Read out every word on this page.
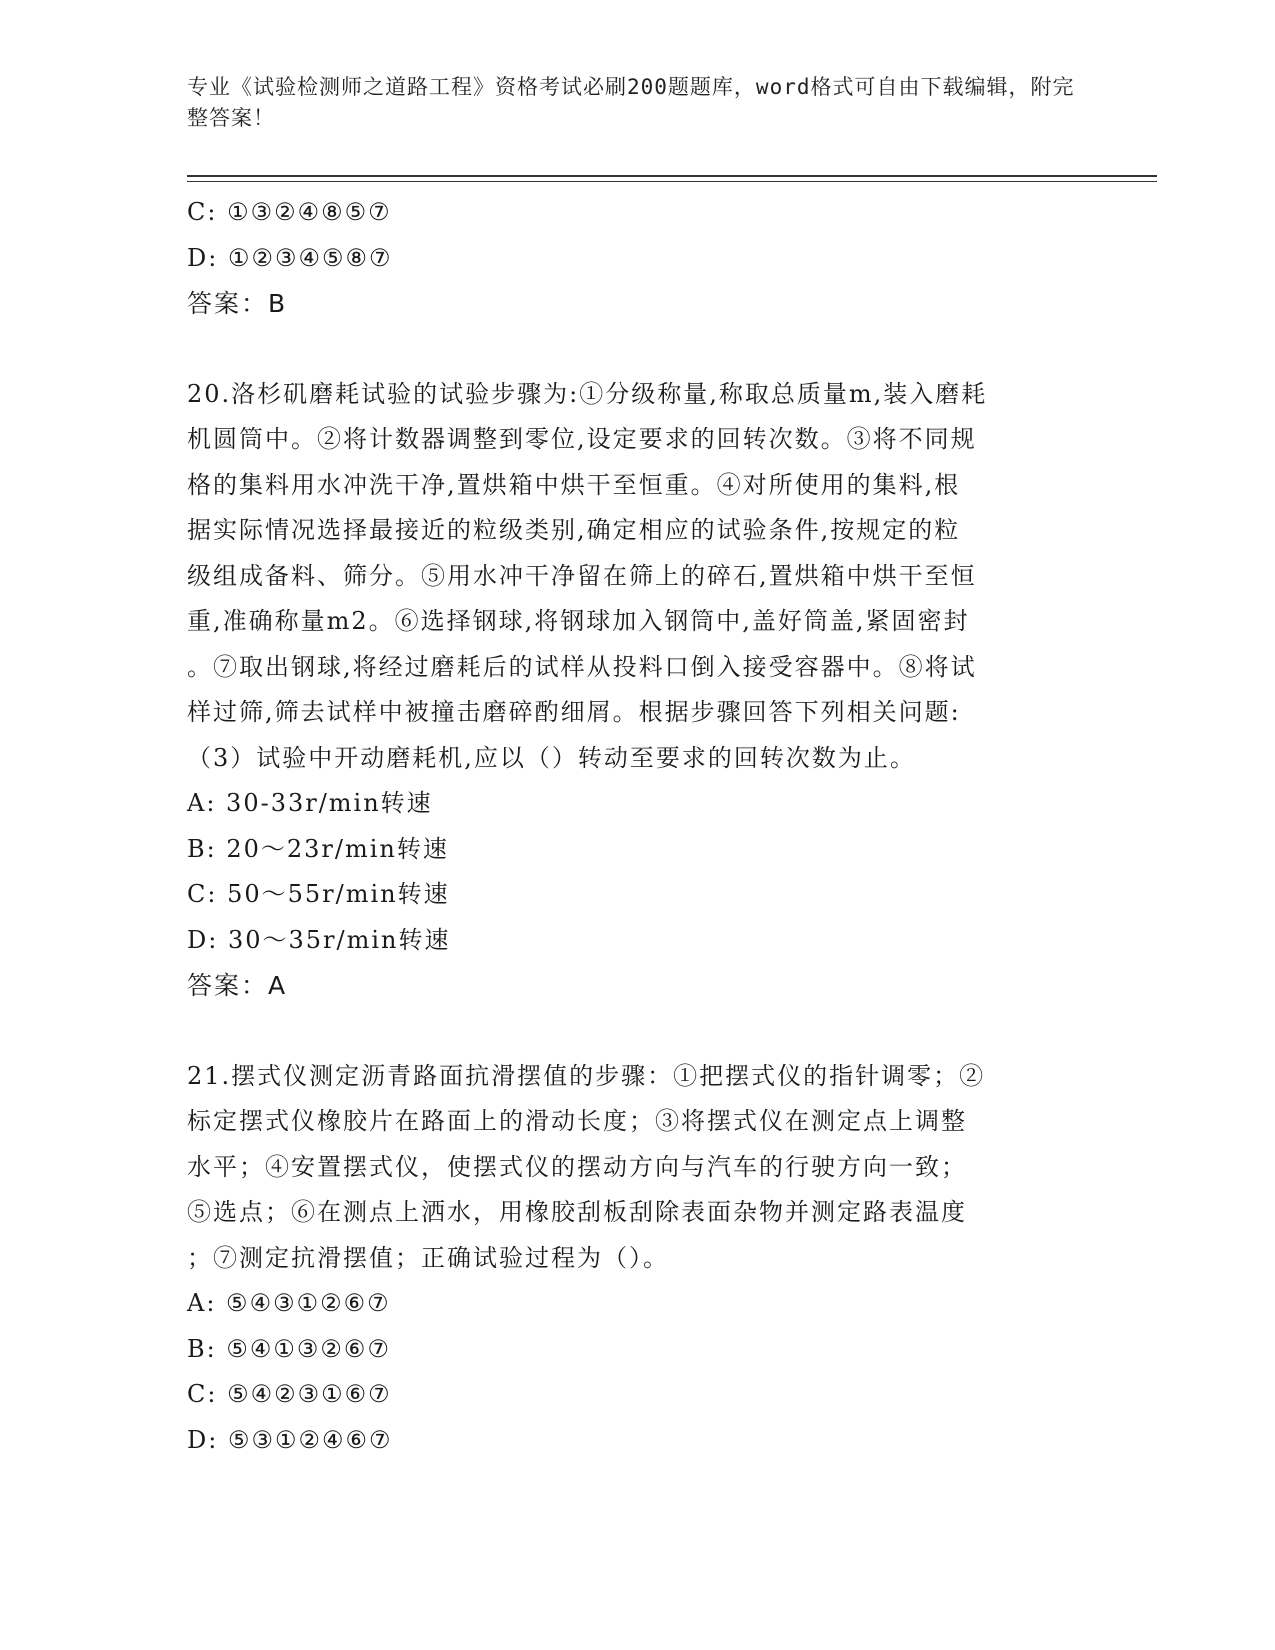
专业《试验检测师之道路工程》资格考试必刷200题题库，word格式可自由下载编辑，附完整答案！
C: ①③②④⑧⑤⑦
D: ①②③④⑤⑧⑦
答案：B
20.洛杉矶磨耗试验的试验步骤为:①分级称量,称取总质量m,装入磨耗
机圆筒中。②将计数器调整到零位,设定要求的回转次数。③将不同规
格的集料用水冲洗干净,置烘箱中烘干至恒重。④对所使用的集料,根
据实际情况选择最接近的粒级类别,确定相应的试验条件,按规定的粒
级组成备料、筛分。⑤用水冲干净留在筛上的碎石,置烘箱中烘干至恒
重,准确称量m2。⑥选择钢球,将钢球加入钢筒中,盖好筒盖,紧固密封
。⑦取出钢球,将经过磨耗后的试样从投料口倒入接受容器中。⑧将试
样过筛,筛去试样中被撞击磨碎酌细屑。根据步骤回答下列相关问题:
（3）试验中开动磨耗机,应以（）转动至要求的回转次数为止。
A: 30-33r/min转速
B: 20～23r/min转速
C: 50～55r/min转速
D: 30～35r/min转速
答案：A
21.摆式仪测定沥青路面抗滑摆值的步骤：①把摆式仪的指针调零；②
标定摆式仪橡胶片在路面上的滑动长度；③将摆式仪在测定点上调整
水平；④安置摆式仪，使摆式仪的摆动方向与汽车的行驶方向一致；
⑤选点；⑥在测点上洒水，用橡胶刮板刮除表面杂物并测定路表温度
；⑦测定抗滑摆值；正确试验过程为（）。
A: ⑤④③①②⑥⑦
B: ⑤④①③②⑥⑦
C: ⑤④②③①⑥⑦
D: ⑤③①②④⑥⑦
